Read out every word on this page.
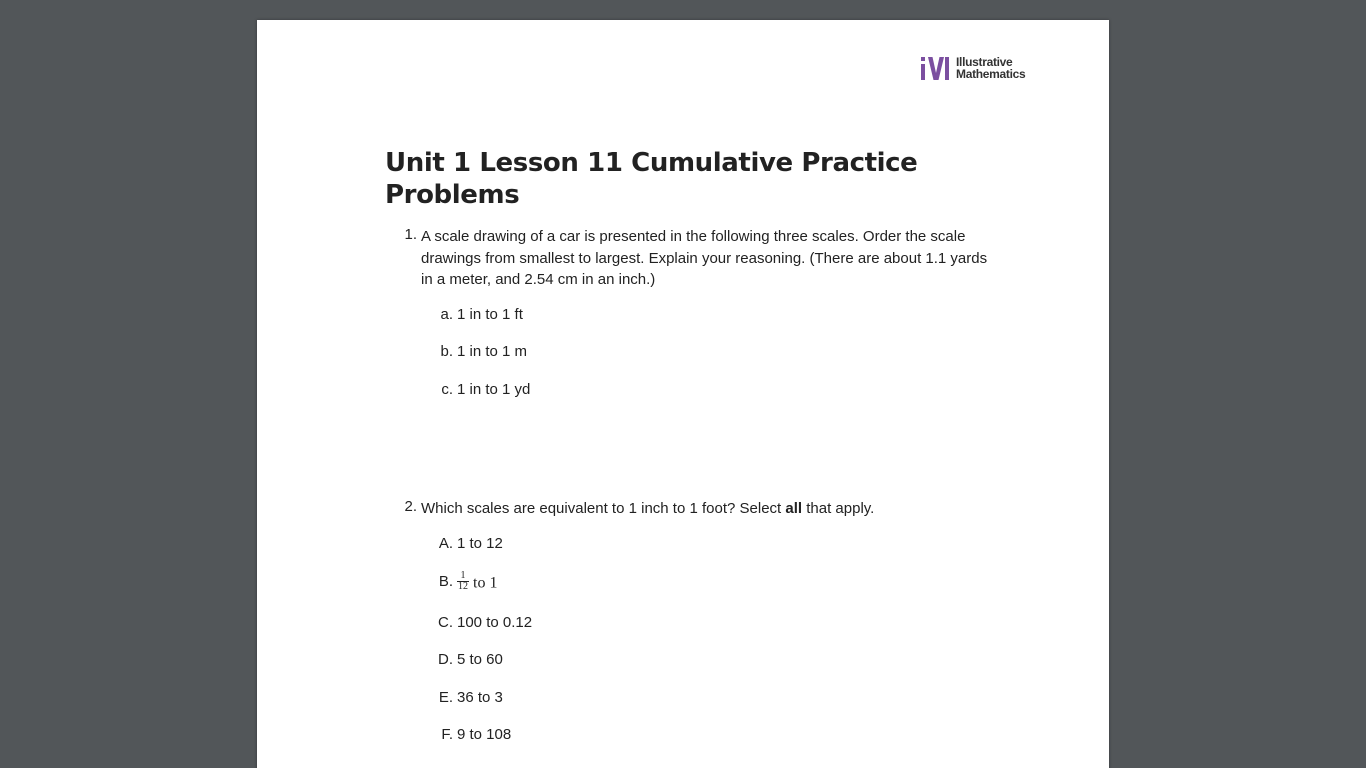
Illustrative
Mathematics
Unit 1 Lesson 11 Cumulative Practice Problems
1. A scale drawing of a car is presented in the following three scales. Order the scale drawings from smallest to largest. Explain your reasoning. (There are about 1.1 yards in a meter, and 2.54 cm in an inch.)
a. 1 in to 1 ft
b. 1 in to 1 m
c. 1 in to 1 yd
2. Which scales are equivalent to 1 inch to 1 foot? Select all that apply.
A. 1 to 12
B. $\frac{1}{12}$ to 1
C. 100 to 0.12
D. 5 to 60
E. 36 to 3
F. 9 to 108
